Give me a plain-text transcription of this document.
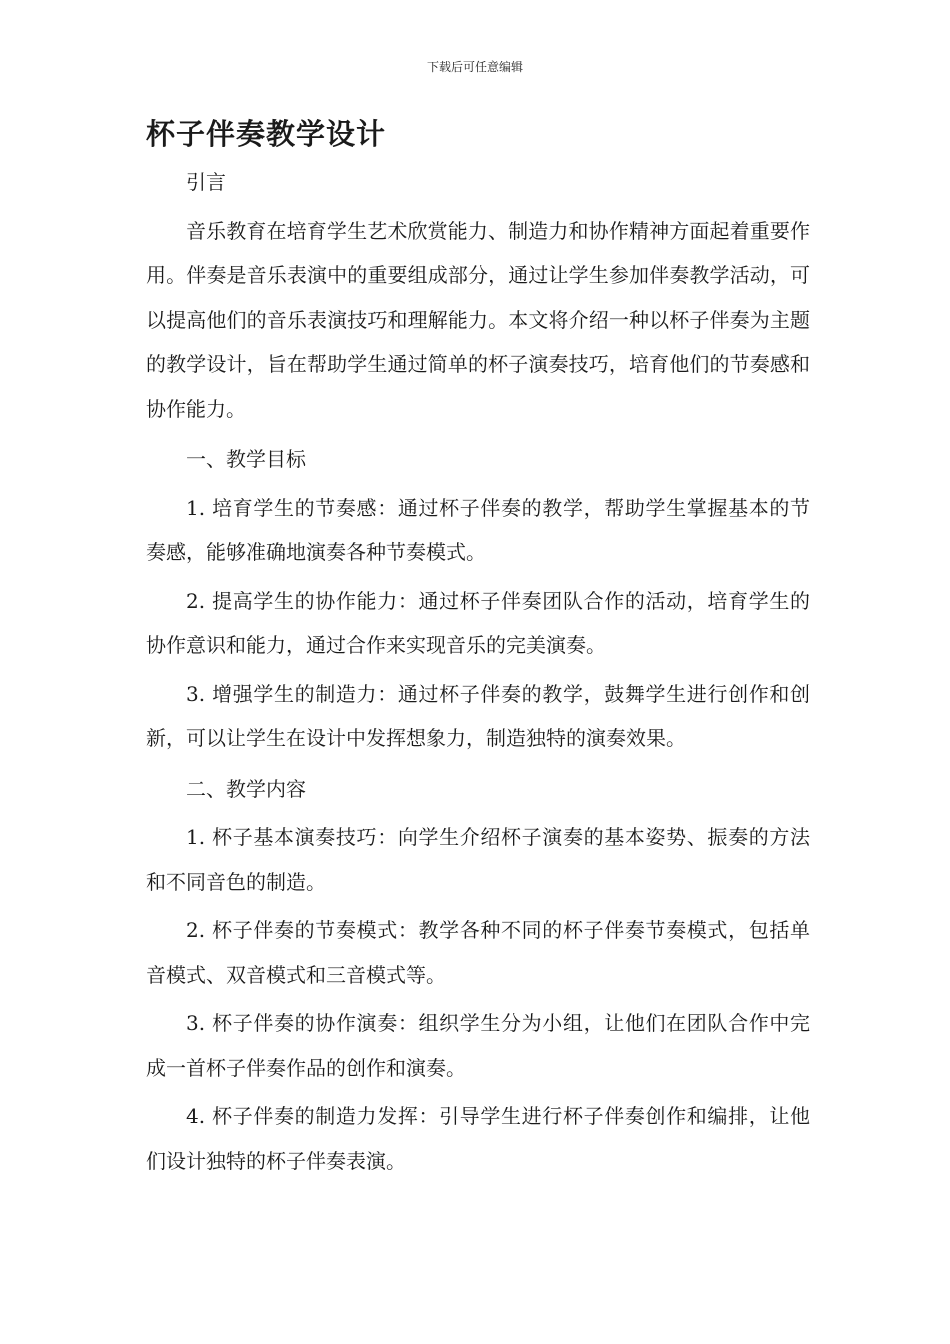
下载后可任意编辑
杯子伴奏教学设计

引言

音乐教育在培育学生艺术欣赏能力、制造力和协作精神方面起着重要作用。伴奏是音乐表演中的重要组成部分，通过让学生参加伴奏教学活动，可以提高他们的音乐表演技巧和理解能力。本文将介绍一种以杯子伴奏为主题的教学设计，旨在帮助学生通过简单的杯子演奏技巧，培育他们的节奏感和协作能力。

一、教学目标

1. 培育学生的节奏感：通过杯子伴奏的教学，帮助学生掌握基本的节奏感，能够准确地演奏各种节奏模式。

2. 提高学生的协作能力：通过杯子伴奏团队合作的活动，培育学生的协作意识和能力，通过合作来实现音乐的完美演奏。

3. 增强学生的制造力：通过杯子伴奏的教学，鼓舞学生进行创作和创新，可以让学生在设计中发挥想象力，制造独特的演奏效果。

二、教学内容

1. 杯子基本演奏技巧：向学生介绍杯子演奏的基本姿势、振奏的方法和不同音色的制造。

2. 杯子伴奏的节奏模式：教学各种不同的杯子伴奏节奏模式，包括单音模式、双音模式和三音模式等。

3. 杯子伴奏的协作演奏：组织学生分为小组，让他们在团队合作中完成一首杯子伴奏作品的创作和演奏。

4. 杯子伴奏的制造力发挥：引导学生进行杯子伴奏创作和编排，让他们设计独特的杯子伴奏表演。
